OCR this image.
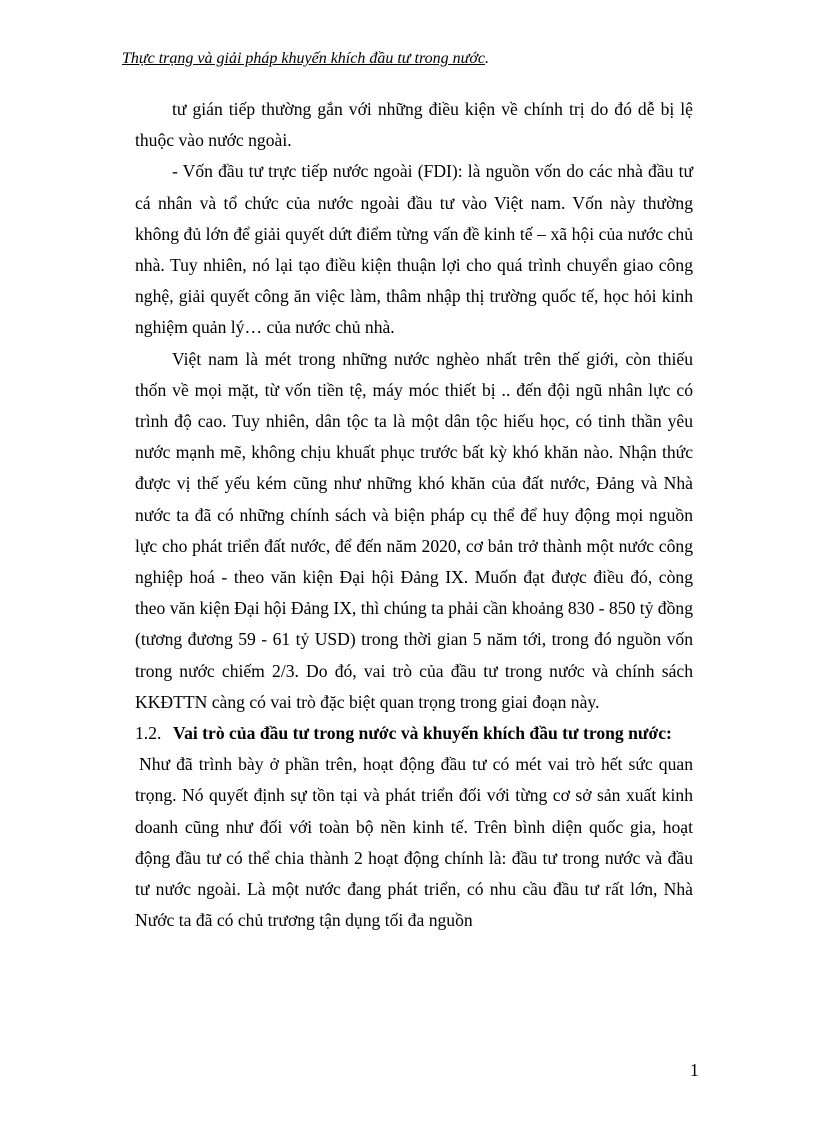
Thực trạng và giải pháp khuyến khích đầu tư trong nước.

tư gián tiếp thường gắn với những điều kiện về chính trị do đó dễ bị lệ thuộc vào nước ngoài.

- Vốn đầu tư trực tiếp nước ngoài (FDI): là nguồn vốn do các nhà đầu tư cá nhân và tổ chức của nước ngoài đầu tư vào Việt nam. Vốn này thường không đủ lớn để giải quyết dứt điểm từng vấn đề kinh tế – xã hội của nước chủ nhà. Tuy nhiên, nó lại tạo điều kiện thuận lợi cho quá trình chuyển giao công nghệ, giải quyết công ăn việc làm, thâm nhập thị trường quốc tế, học hỏi kinh nghiệm quản lý… của nước chủ nhà.

Việt nam là mét trong những nước nghèo nhất trên thế giới, còn thiếu thốn về mọi mặt, từ vốn tiền tệ, máy móc thiết bị .. đến đội ngũ nhân lực có trình độ cao. Tuy nhiên, dân tộc ta là một dân tộc hiếu học, có tinh thần yêu nước mạnh mẽ, không chịu khuất phục trước bất kỳ khó khăn nào. Nhận thức được vị thế yếu kém cũng như những khó khăn của đất nước, Đảng và Nhà nước ta đã có những chính sách và biện pháp cụ thể để huy động mọi nguồn lực cho phát triển đất nước, để đến năm 2020, cơ bản trở thành một nước công nghiệp hoá - theo văn kiện Đại hội Đảng IX. Muốn đạt được điều đó, còng theo văn kiện Đại hội Đảng IX, thì chúng ta phải cần khoảng 830 - 850 tỷ đồng (tương đương 59 - 61 tỷ USD) trong thời gian 5 năm tới, trong đó nguồn vốn trong nước chiếm 2/3. Do đó, vai trò của đầu tư trong nước và chính sách KKĐTTN càng có vai trò đặc biệt quan trọng trong giai đoạn này.

1.2. Vai trò của đầu tư trong nước và khuyến khích đầu tư trong nước:

Như đã trình bày ở phần trên, hoạt động đầu tư có mét vai trò hết sức quan trọng. Nó quyết định sự tồn tại và phát triển đối với từng cơ sở sản xuất kinh doanh cũng như đối với toàn bộ nền kinh tế. Trên bình diện quốc gia, hoạt động đầu tư có thể chia thành 2 hoạt động chính là: đầu tư trong nước và đầu tư nước ngoài. Là một nước đang phát triển, có nhu cầu đầu tư rất lớn, Nhà Nước ta đã có chủ trương tận dụng tối đa nguồn

1
